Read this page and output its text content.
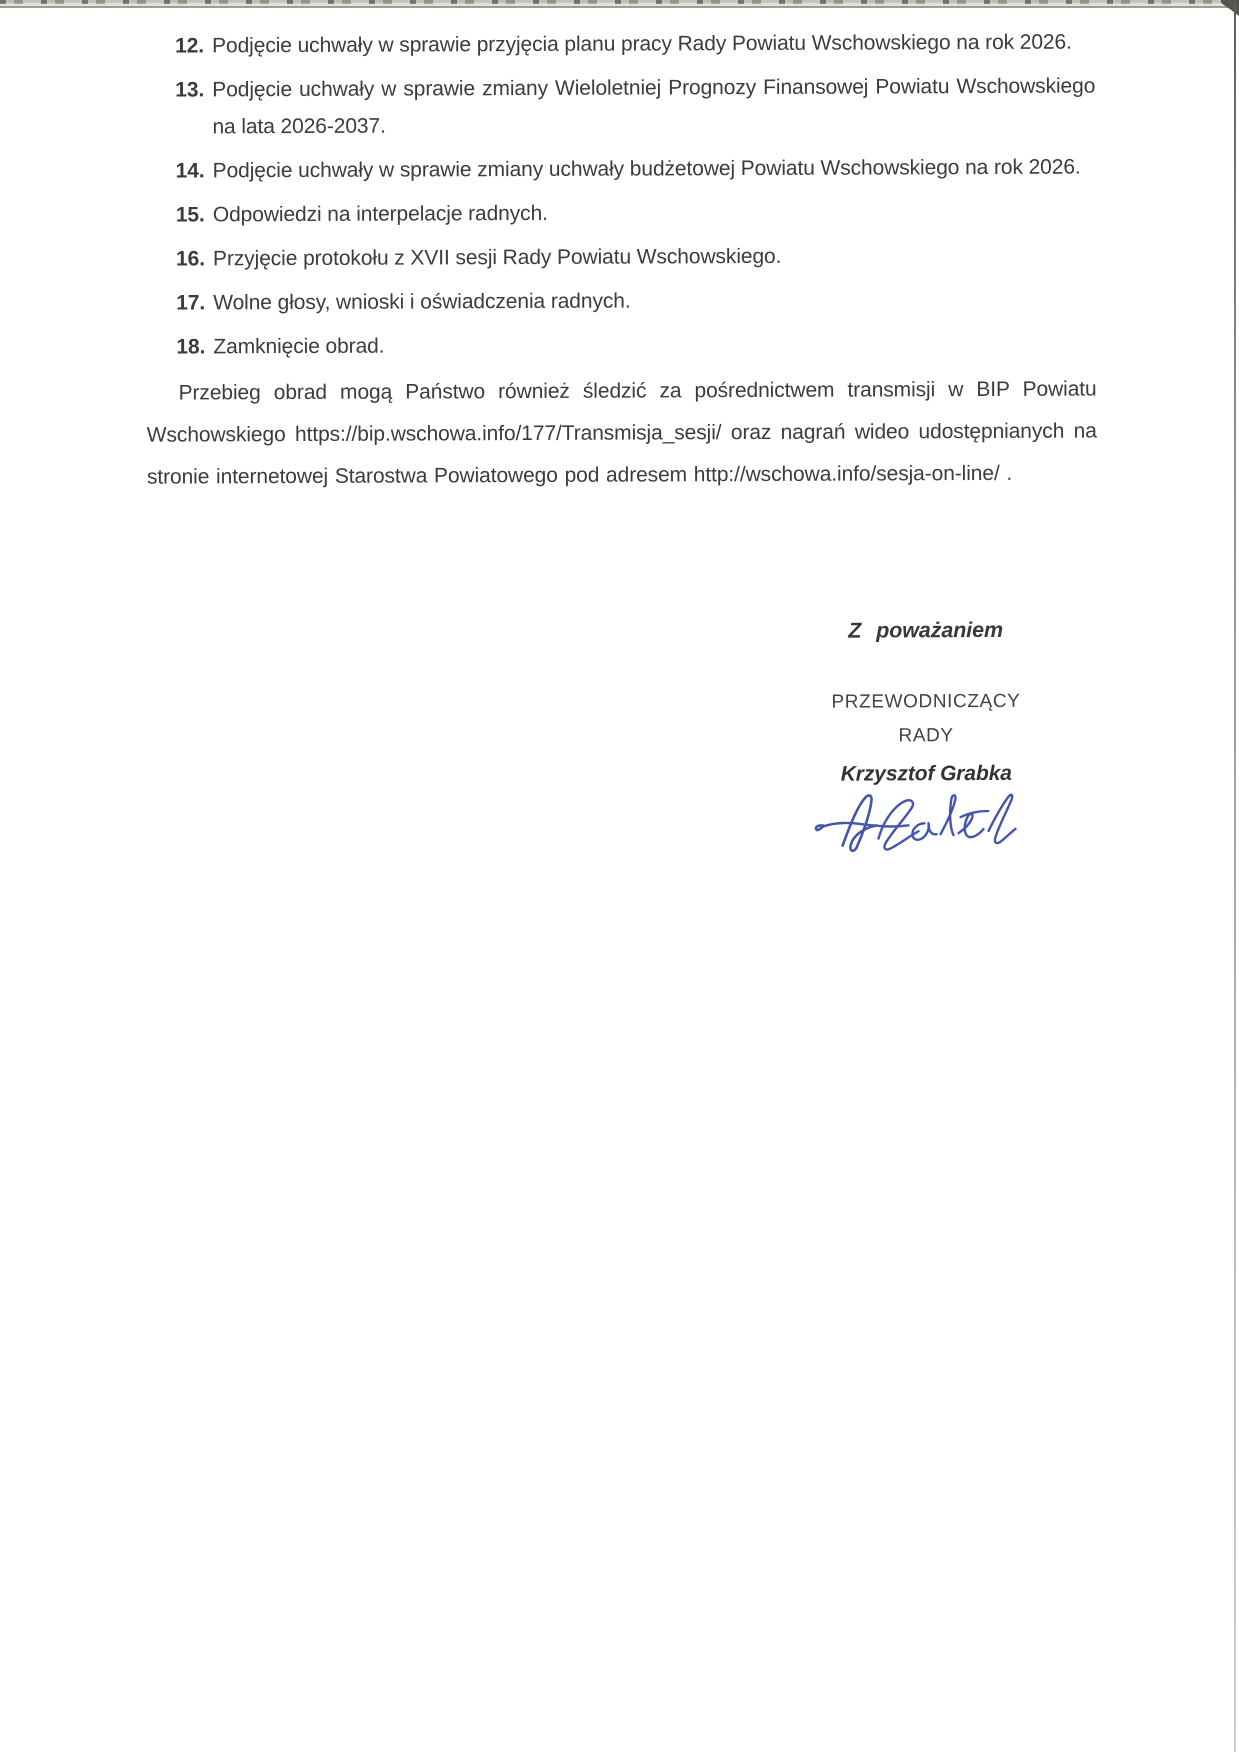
12. Podjęcie uchwały w sprawie przyjęcia planu pracy Rady Powiatu Wschowskiego na rok 2026.
13. Podjęcie uchwały w sprawie zmiany Wieloletniej Prognozy Finansowej Powiatu Wschowskiego na lata 2026-2037.
14. Podjęcie uchwały w sprawie zmiany uchwały budżetowej Powiatu Wschowskiego na rok 2026.
15. Odpowiedzi na interpelacje radnych.
16. Przyjęcie protokołu z XVII sesji Rady Powiatu Wschowskiego.
17. Wolne głosy, wnioski i oświadczenia radnych.
18. Zamknięcie obrad.

Przebieg obrad mogą Państwo również śledzić za pośrednictwem transmisji w BIP Powiatu Wschowskiego https://bip.wschowa.info/177/Transmisja_sesji/ oraz nagrań wideo udostępnianych na stronie internetowej Starostwa Powiatowego pod adresem http://wschowa.info/sesja-on-line/ .

Z poważaniem
PRZEWODNICZĄCY
RADY
Krzysztof Grabka
